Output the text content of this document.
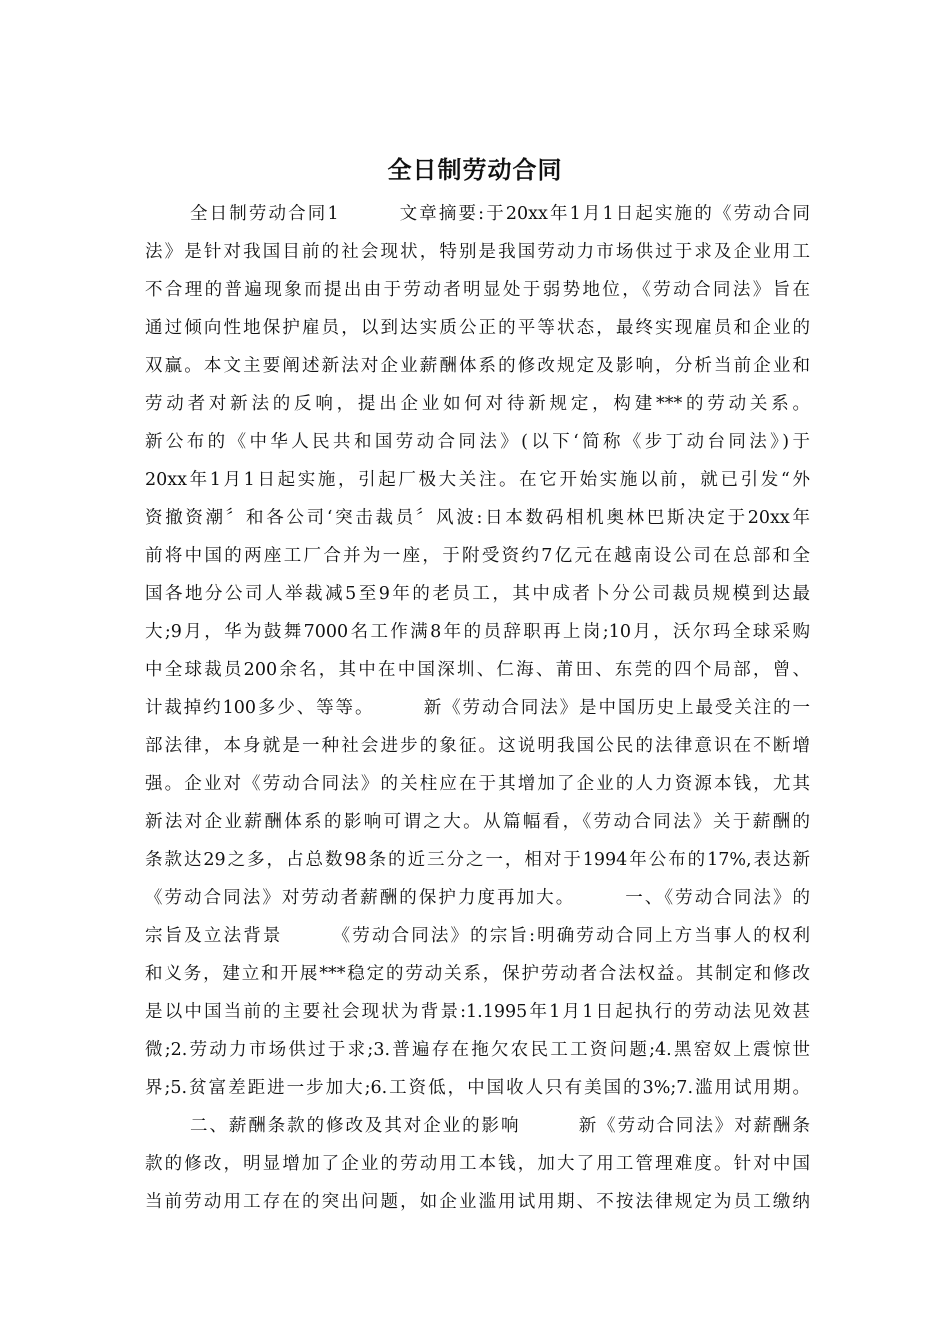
全日制劳动合同
全日制劳动合同1　　　文章摘要:于20xx年1月1日起实施的《劳动合同
法》是针对我国目前的社会现状，特别是我国劳动力市场供过于求及企业用工
不合理的普遍现象而提出由于劳动者明显处于弱势地位，《劳动合同法》旨在
通过倾向性地保护雇员，以到达实质公正的平等状态，最终实现雇员和企业的
双赢。本文主要阐述新法对企业薪酬体系的修改规定及影响，分析当前企业和
劳动者对新法的反响，提出企业如何对待新规定，构建***的劳动关系。
新公布的《中华人民共和国劳动合同法》(以下‘简称《步丁动台同法》)于
20xx年1月1日起实施，引起厂极大关注。在它开始实施以前，就已引发“外
资撤资潮〞和各公司‘突击裁员〞风波:日本数码相机奥林巴斯决定于20xx年
前将中国的两座工厂合并为一座，于附受资约7亿元在越南设公司在总部和全
国各地分公司人举裁减5至9年的老员工，其中成者卜分公司裁员规模到达最
大;9月，华为鼓舞7000名工作满8年的员辞职再上岗;10月，沃尔玛全球采购
中全球裁员200余名，其中在中国深圳、仁海、莆田、东莞的四个局部，曾、
计裁掉约100多少、等等。　　　新《劳动合同法》是中国历史上最受关注的一
部法律，本身就是一种社会进步的象征。这说明我国公民的法律意识在不断增
强。企业对《劳动合同法》的关柱应在于其增加了企业的人力资源本钱，尤其
新法对企业薪酬体系的影响可谓之大。从篇幅看，《劳动合同法》关于薪酬的
条款达29之多，占总数98条的近三分之一，相对于1994年公布的17%,表达新
《劳动合同法》对劳动者薪酬的保护力度再加大。　　　一、《劳动合同法》的
宗旨及立法背景　　　《劳动合同法》的宗旨:明确劳动合同上方当事人的权利
和义务，建立和开展***稳定的劳动关系，保护劳动者合法权益。其制定和修改
是以中国当前的主要社会现状为背景:1.1995年1月1日起执行的劳动法见效甚
微;2.劳动力市场供过于求;3.普遍存在拖欠农民工工资问题;4.黑窑奴上震惊世
界;5.贫富差距进一步加大;6.工资低，中国收人只有美国的3%;7.滥用试用期。
二、薪酬条款的修改及其对企业的影响　　　新《劳动合同法》对薪酬条
款的修改，明显增加了企业的劳动用工本钱，加大了用工管理难度。针对中国
当前劳动用工存在的突出问题，如企业滥用试用期、不按法律规定为员工缴纳
